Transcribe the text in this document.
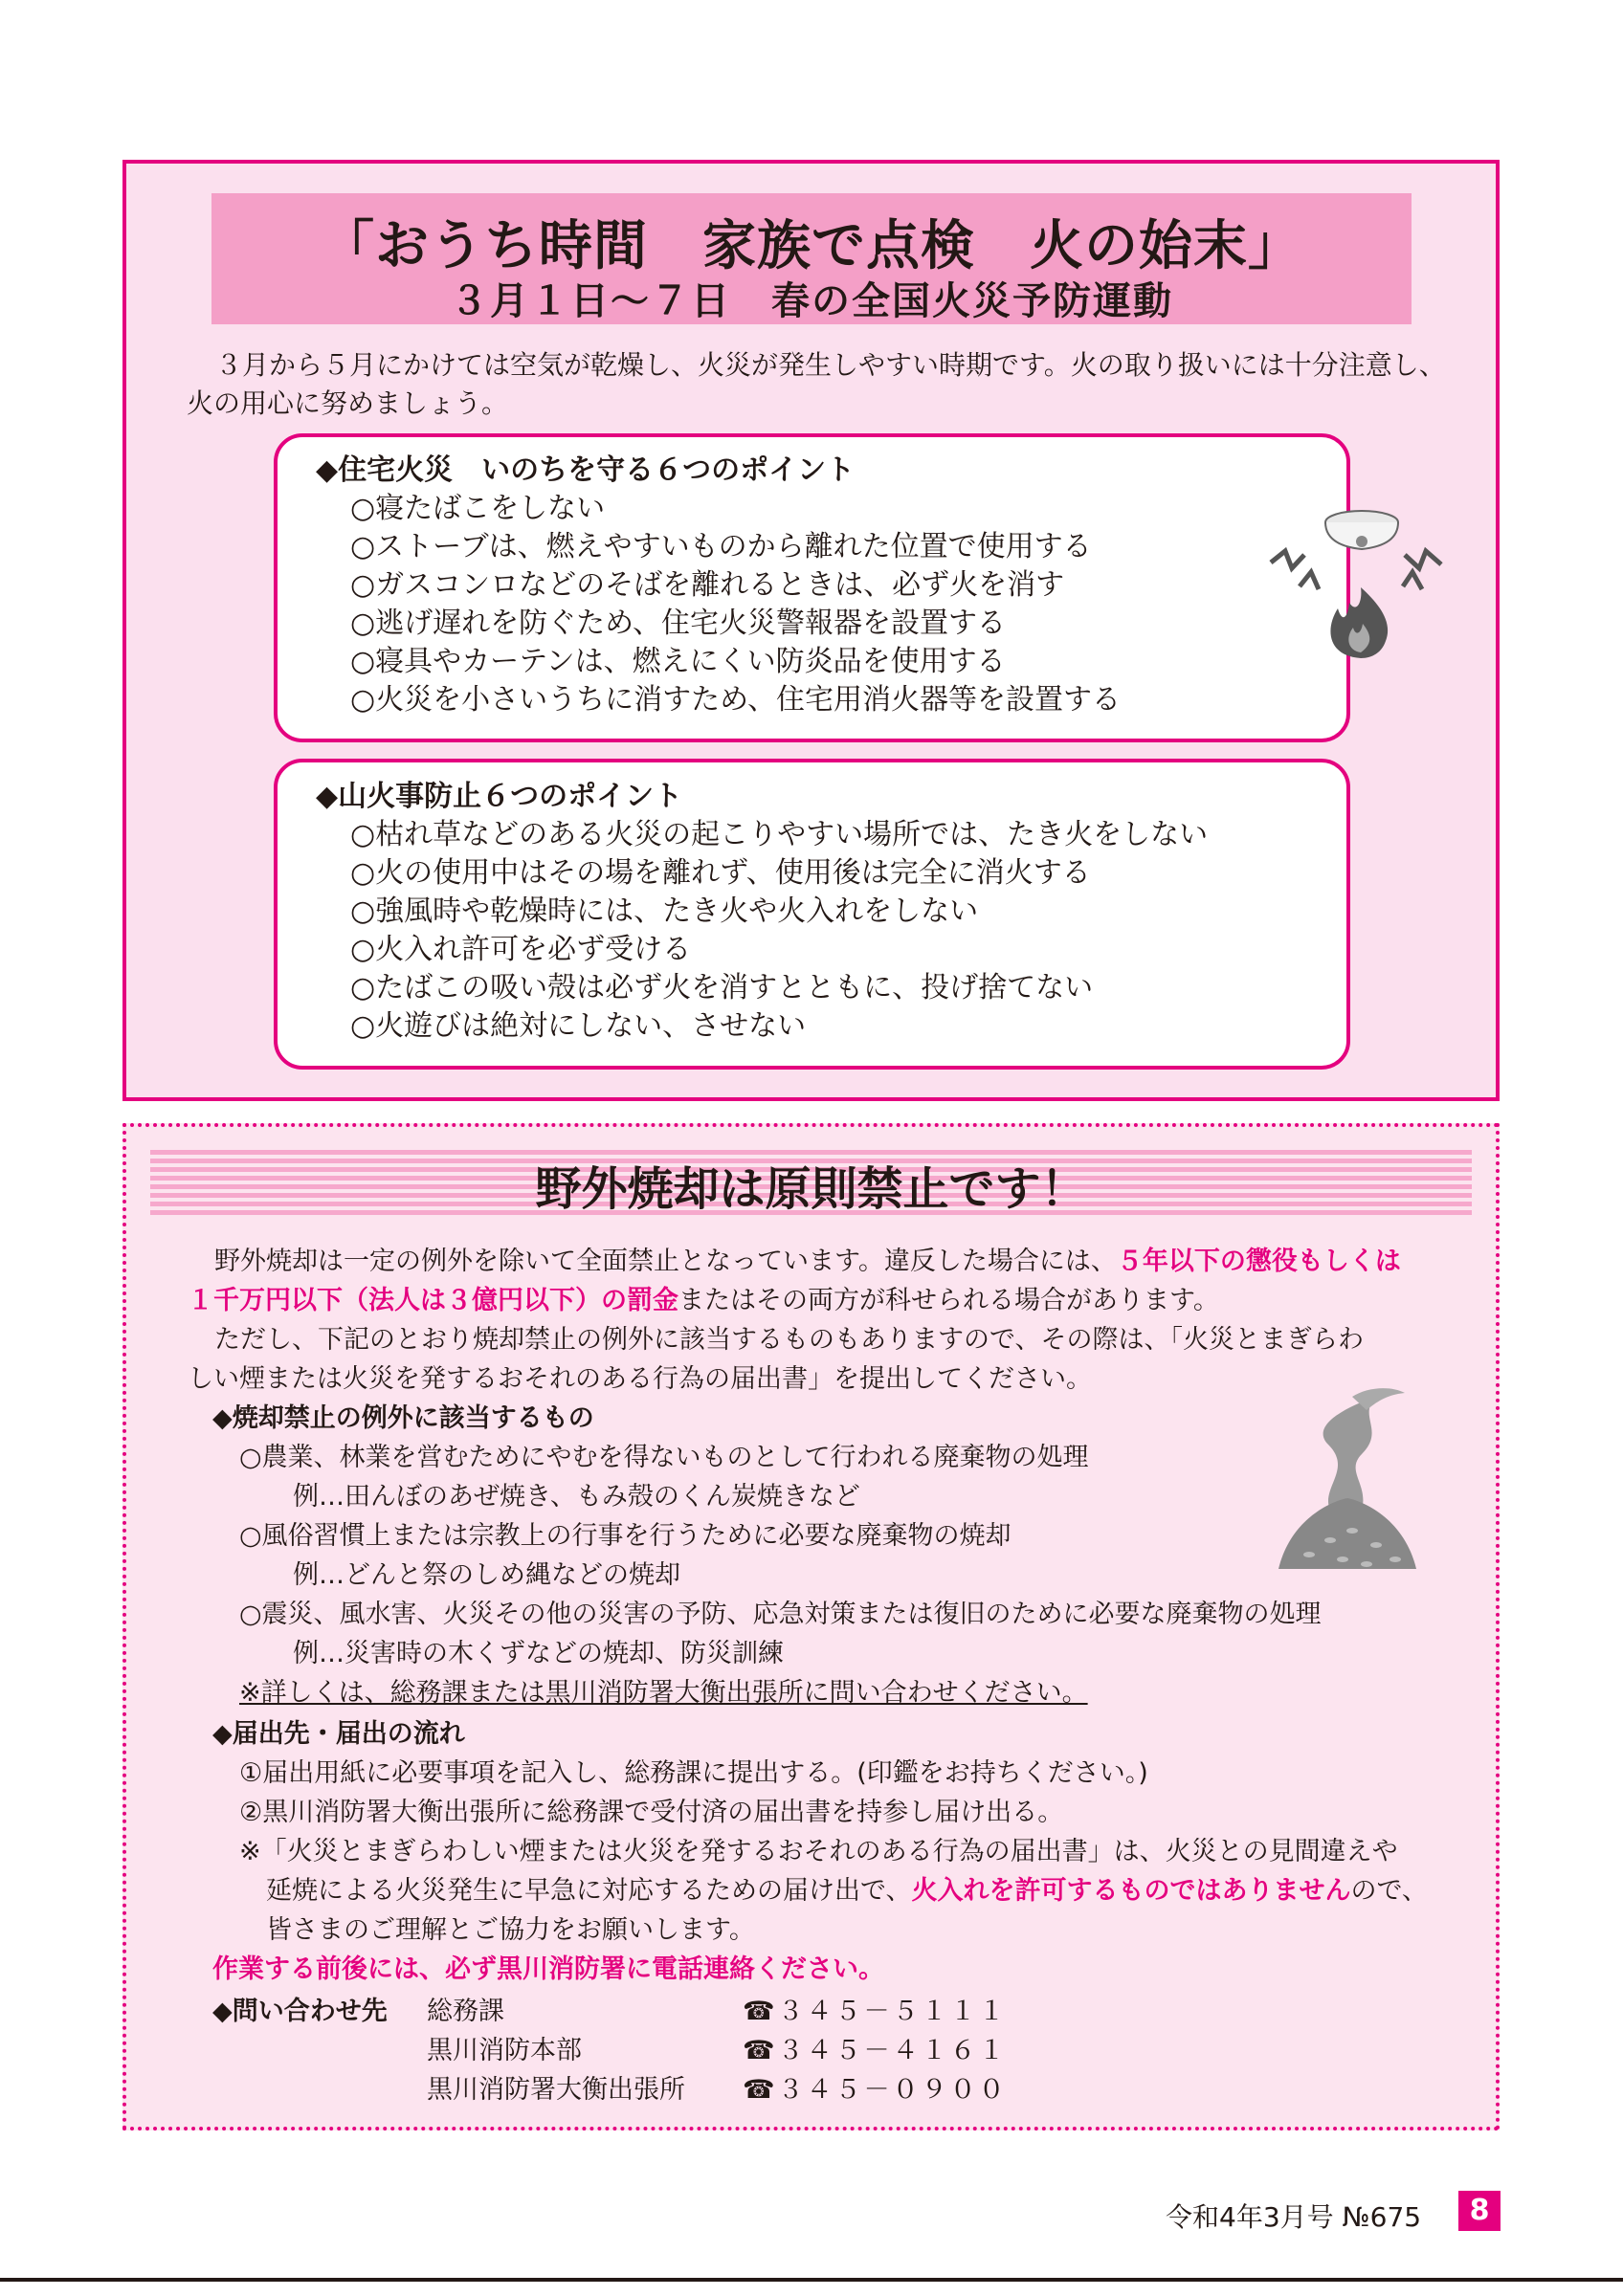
「おうち時間　家族で点検　火の始末」
３月１日〜７日　春の全国火災予防運動
３月から５月にかけては空気が乾燥し、火災が発生しやすい時期です。火の取り扱いには十分注意し、
火の用心に努めましょう。
◆住宅火災　いのちを守る６つのポイント
○寝たばこをしない
○ストーブは、燃えやすいものから離れた位置で使用する
○ガスコンロなどのそばを離れるときは、必ず火を消す
○逃げ遅れを防ぐため、住宅火災警報器を設置する
○寝具やカーテンは、燃えにくい防炎品を使用する
○火災を小さいうちに消すため、住宅用消火器等を設置する
◆山火事防止６つのポイント
○枯れ草などのある火災の起こりやすい場所では、たき火をしない
○火の使用中はその場を離れず、使用後は完全に消火する
○強風時や乾燥時には、たき火や火入れをしない
○火入れ許可を必ず受ける
○たばこの吸い殻は必ず火を消すとともに、投げ捨てない
○火遊びは絶対にしない、させない
野外焼却は原則禁止です！
野外焼却は一定の例外を除いて全面禁止となっています。違反した場合には、５年以下の懲役もしくは
１千万円以下（法人は３億円以下）の罰金またはその両方が科せられる場合があります。
ただし、下記のとおり焼却禁止の例外に該当するものもありますので、その際は、「火災とまぎらわ
しい煙または火災を発するおそれのある行為の届出書」を提出してください。
◆焼却禁止の例外に該当するもの
○農業、林業を営むためにやむを得ないものとして行われる廃棄物の処理
例…田んぼのあぜ焼き、もみ殻のくん炭焼きなど
○風俗習慣上または宗教上の行事を行うために必要な廃棄物の焼却
例…どんと祭のしめ縄などの焼却
○震災、風水害、火災その他の災害の予防、応急対策または復旧のために必要な廃棄物の処理
例…災害時の木くずなどの焼却、防災訓練
※詳しくは、総務課または黒川消防署大衡出張所に問い合わせください。
◆届出先・届出の流れ
①届出用紙に必要事項を記入し、総務課に提出する。(印鑑をお持ちください。)
②黒川消防署大衡出張所に総務課で受付済の届出書を持参し届け出る。
※「火災とまぎらわしい煙または火災を発するおそれのある行為の届出書」は、火災との見間違えや
延焼による火災発生に早急に対応するための届け出で、火入れを許可するものではありませんので、
皆さまのご理解とご協力をお願いします。
作業する前後には、必ず黒川消防署に電話連絡ください。
◆問い合わせ先 総務課	☎３４５－５１１１
黒川消防本部	☎３４５－４１６１
黒川消防署大衡出張所	☎３４５－０９００
令和4年3月号 №675	8
